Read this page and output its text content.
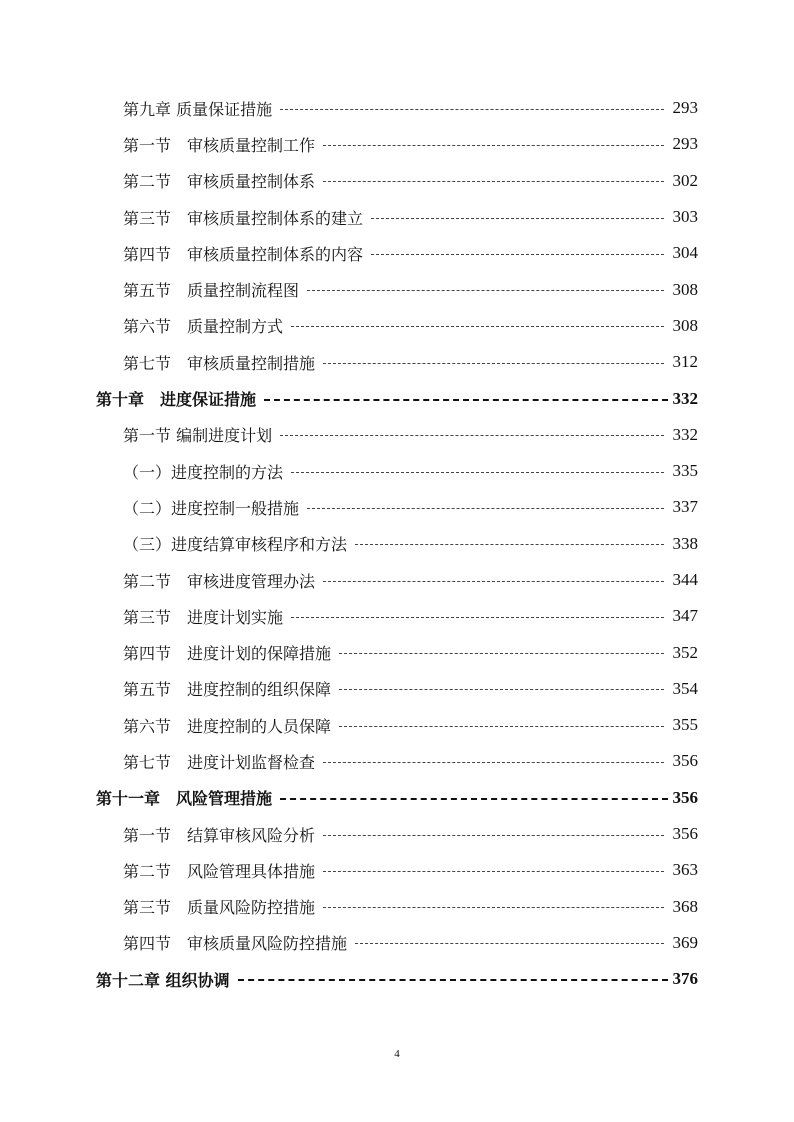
第九章 质量保证措施	293
第一节　审核质量控制工作	293
第二节　审核质量控制体系	302
第三节　审核质量控制体系的建立	303
第四节　审核质量控制体系的内容	304
第五节　质量控制流程图	308
第六节　质量控制方式	308
第七节　审核质量控制措施	312
第十章　进度保证措施	332
第一节 编制进度计划	332
（一）进度控制的方法	335
（二）进度控制一般措施	337
（三）进度结算审核程序和方法	338
第二节　审核进度管理办法	344
第三节　进度计划实施	347
第四节　进度计划的保障措施	352
第五节　进度控制的组织保障	354
第六节　进度控制的人员保障	355
第七节　进度计划监督检查	356
第十一章　风险管理措施	356
第一节　结算审核风险分析	356
第二节　风险管理具体措施	363
第三节　质量风险防控措施	368
第四节　审核质量风险防控措施	369
第十二章 组织协调	376
4
